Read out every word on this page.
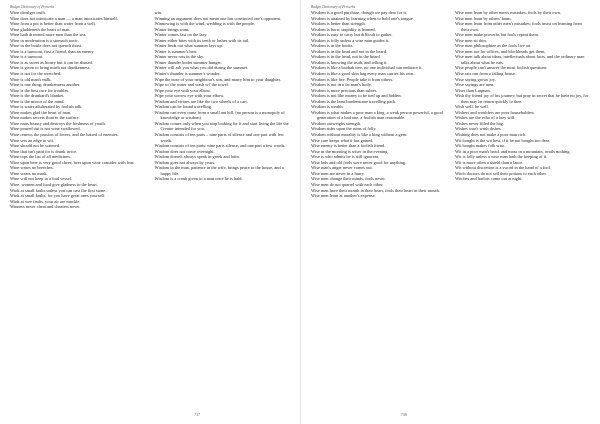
Budget Dictionary of Proverbs

Wine divulges truth.

Wine does not intoxicate a man — a man intoxicates himself.

Wine from a pot is better than water from a well.

Wine gladdeneth the heart of man.

Wine hath drowned more men than the sea.

Wine in moderation is a stomach tonic.

Wine in the bottle does not quench thirst.

Wine is a turncoat, first a friend, than an enemy.

Wine is a turncoat.

Wine is as sweet as honey but it can be abused.

Wine is given to bring mirth not drunkenness.

Wine is not for the wretched.

Wine is old man's milk.

Wine is one thing; drunkenness another.

Wine is the best cure for troubles.

Wine is the drunkard's blanket.

Wine is the mirror of the mind.

Wine is water adulterated by foolish talk.

Wine makes glad the heart of man.

Wine makes secrets float to the surface.

Wine mars beauty and destroys the freshness of youth.

Wine poured out is not wine swallowed.

Wine renews the passion of lovers, and the hatred of enemies.

Wine sets an edge to wit.

Wine should not be watered.

Wine that isn't paid for is drunk twice.

Wine tops the list of all medicines.

Wine upon beer is very good cheer; beer upon wine consider with fear.

Wine wears no breeches.

Wine wears no mask.

Wine will not keep in a foul vessel.

Wine, women and food give gladness to the heart.

Wink at small faults unless you can cast the first stone.

Wink at small faults, for you have great ones yourself.

Wink at wee faults, your air are muckle.

Winners never cheat and cheaters never

win.

Winning an argument does not mean one has convinced one's opponent.

Winnowing is with the wind, wedding is with the people.

Winter brings want.

Winter comes fast on the lazy.

Winter either bites with its teeth or lashes with its tail.

Winter finds out what summer lays up.

Winter is summer's heir.

Winter never rots in the sky.

Winter thunder bodes summer hunger.

Winter will ask you what you did during the summer.

Winter's thunder is summer's wonder.

Wipe the nose of your neighbour's son, and marry him to your daughter.

Wipe w/ the water and wash wi' the towel.

Wipe your eye with your elbow.

Wipe your sorrow eye with your elbow.

Wisdom and virtues are like the two wheels of a cart.

Wisdom can be found travelling.

Wisdom can even come from a small ant hill. (no person is a monopoly of knowledge or wisdom)

Wisdom comes only when you stop looking for it and start living the life the Creator intended for you.

Wisdom consists of ten parts – nine parts of silence and one part with few words.

Wisdom consists of ten parts: nine parts silence, and one part a few words.

Wisdom does not come overnight.

Wisdom doesn't always speak in greek and latin.

Wisdom goes not always by years.

Wisdom in the man, patience in the wife, brings peace to the house, and a happy life.

Wisdom is a comb given to a man once he is bald.

737
Budget Dictionary of Proverbs

Wisdom is a good purchase, though we pay dear for it.

Wisdom is attained by learning when to hold one's tongue.

Wisdom is better than strength.

Wisdom is born; stupidity is learned.

Wisdom is easy to carry but difficult to gather.

Wisdom is folly unless a wise man guides it.

Wisdom is in the books.

Wisdom is in the head and not in the beard.

Wisdom is in the head, not in the beard.

Wisdom is knowing the truth, and telling it.

Wisdom is like a baobab tree, no one individual can embrace it.

Wisdom is like a good skin bag every man carries his own.

Wisdom is like fire. People take it from others.

Wisdom is not in a fat man's body.

Wisdom is more precious than rubies.

Wisdom is not like money to be tied up and hidden.

Wisdom is the least burdensome travelling pack.

Wisdom is wealth.

Wisdom is what makes a poor man a king, a weak person powerful, a good generation of a bad one, a foolish man reasonable.

Wisdom outweighs strength.

Wisdom rides upon the ruins of folly.

Wisdom without morality is like a king without a gem.

Wise care keeps what it has gained.

Wise enemy is better than a foolish friend.

Wise in the morning is wiser in the evening.

Wise is who admits he is still ignorant.

Wise lads and old fools were never good for anything.

Wise man's anger never comes out.

Wise men are never in a hurry.

Wise men change their minds, fools never.

Wise men do not quarrel with each other.

Wise men have their mouth in their heart, fools their heart in their mouth.

Wise men learn at another's expense.

Wise men learn by other men's mistakes, fools by their own.

Wise men learn by others' harm.

Wise men learn from other men's mistakes; fools insist on learning from their own.

Wise men make proverbs but fools repeat them.

Wise men sit thin.

Wise men philosophize as the fools live on.

Wise men sue for offices, and blockheads get them.

Wise men talk about ideas, intellectuals about facts, and the ordinary man talks about what he eats.

Wise people can't answer the most foolish questions

Wise rats run from a falling house.

Wise saying grows joy.

Wise sayings are men.

Wiser than Luqman.

Wish thy friend joy of his journey, but pray in secret that he have no joy, for then may he return quickly to thee.

Wish well, be well.

Wishers and woulders are poor householders.

Wishes are the echo of a lazy will.

Wishes never filled the bag.

Wishes won't wash dishes.

Wishing does not make a poor man rich.

Wit bought is the wit best, if it be not bought too dear.

Wit bought makes folk wise.

Wit in a poor man's head, and moss in a mountain, avails nothing.

Wit is folly unless a wise man hath the keeping of it.

Wit is more often a shield than a lance.

Wit without discretion is a sword in the hand of a fool.

Witch doctors do not sell their potions to each other.

Witches and harlots come out at night.

738
